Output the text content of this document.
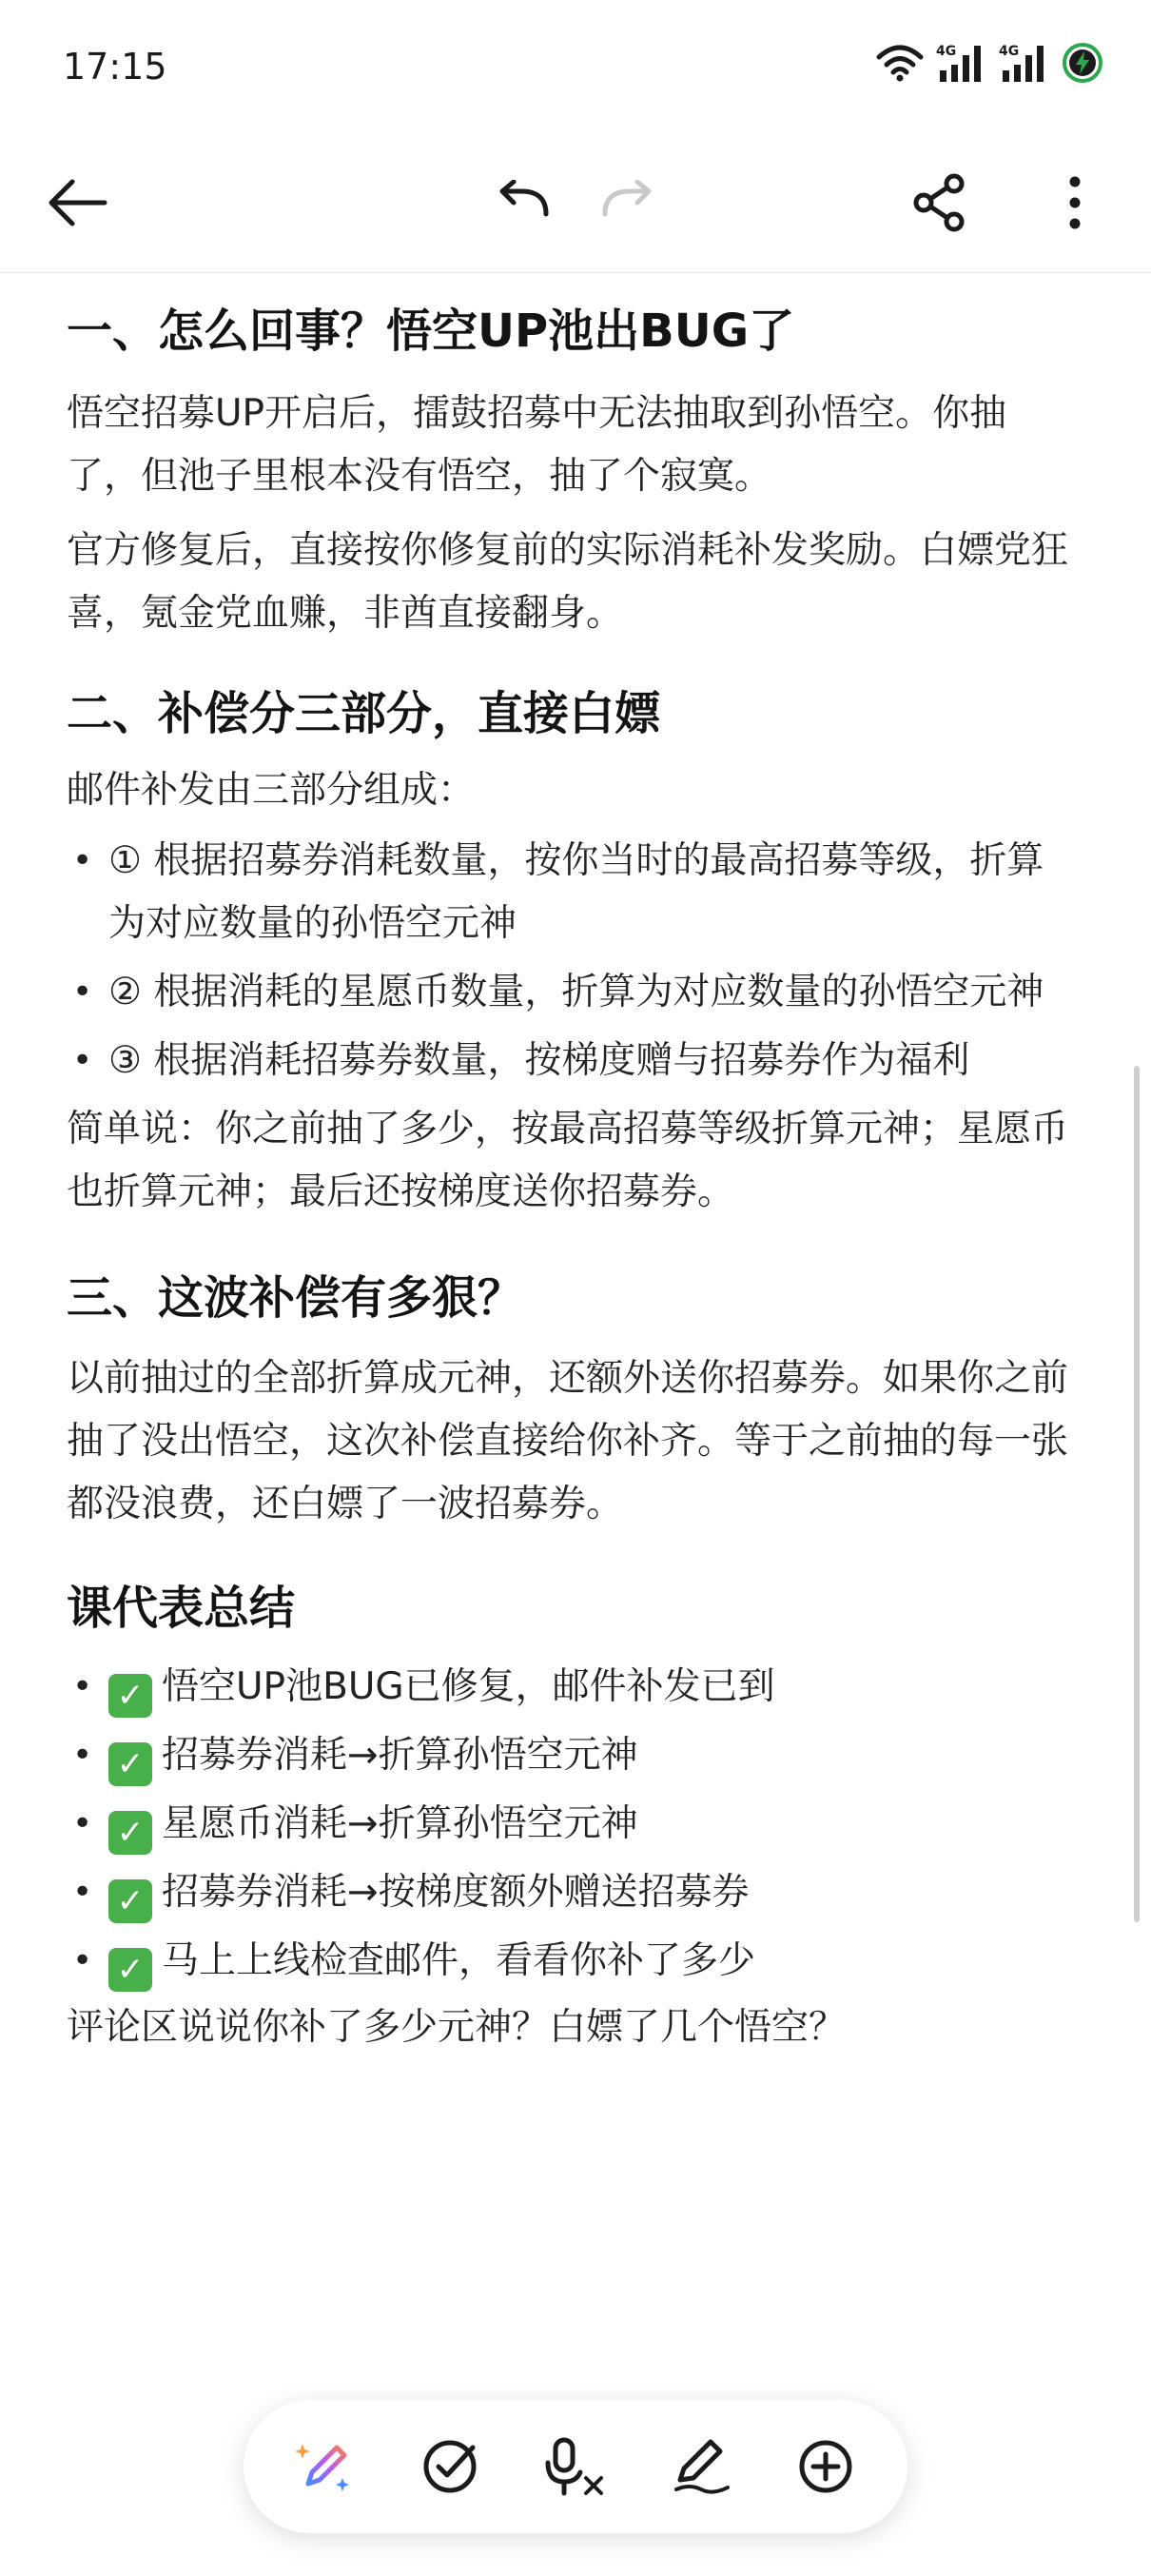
17:15	4G	4G
一、怎么回事？悟空UP池出BUG了

悟空招募UP开启后，擂鼓招募中无法抽取到孙悟空。你抽了，但池子里根本没有悟空，抽了个寂寞。

官方修复后，直接按你修复前的实际消耗补发奖励。白嫖党狂喜，氪金党血赚，非酋直接翻身。

二、补偿分三部分，直接白嫖

邮件补发由三部分组成：

• ① 根据招募券消耗数量，按你当时的最高招募等级，折算为对应数量的孙悟空元神
• ② 根据消耗的星愿币数量，折算为对应数量的孙悟空元神
• ③ 根据消耗招募券数量，按梯度赠与招募券作为福利

简单说：你之前抽了多少，按最高招募等级折算元神；星愿币也折算元神；最后还按梯度送你招募券。

三、这波补偿有多狠？

以前抽过的全部折算成元神，还额外送你招募券。如果你之前抽了没出悟空，这次补偿直接给你补齐。等于之前抽的每一张都没浪费，还白嫖了一波招募券。

课代表总结
• ✓ 悟空UP池BUG已修复，邮件补发已到
• ✓ 招募券消耗→折算孙悟空元神
• ✓ 星愿币消耗→折算孙悟空元神
• ✓ 招募券消耗→按梯度额外赠送招募券
• ✓ 马上上线检查邮件，看看你补了多少

评论区说说你补了多少元神？白嫖了几个悟空？
